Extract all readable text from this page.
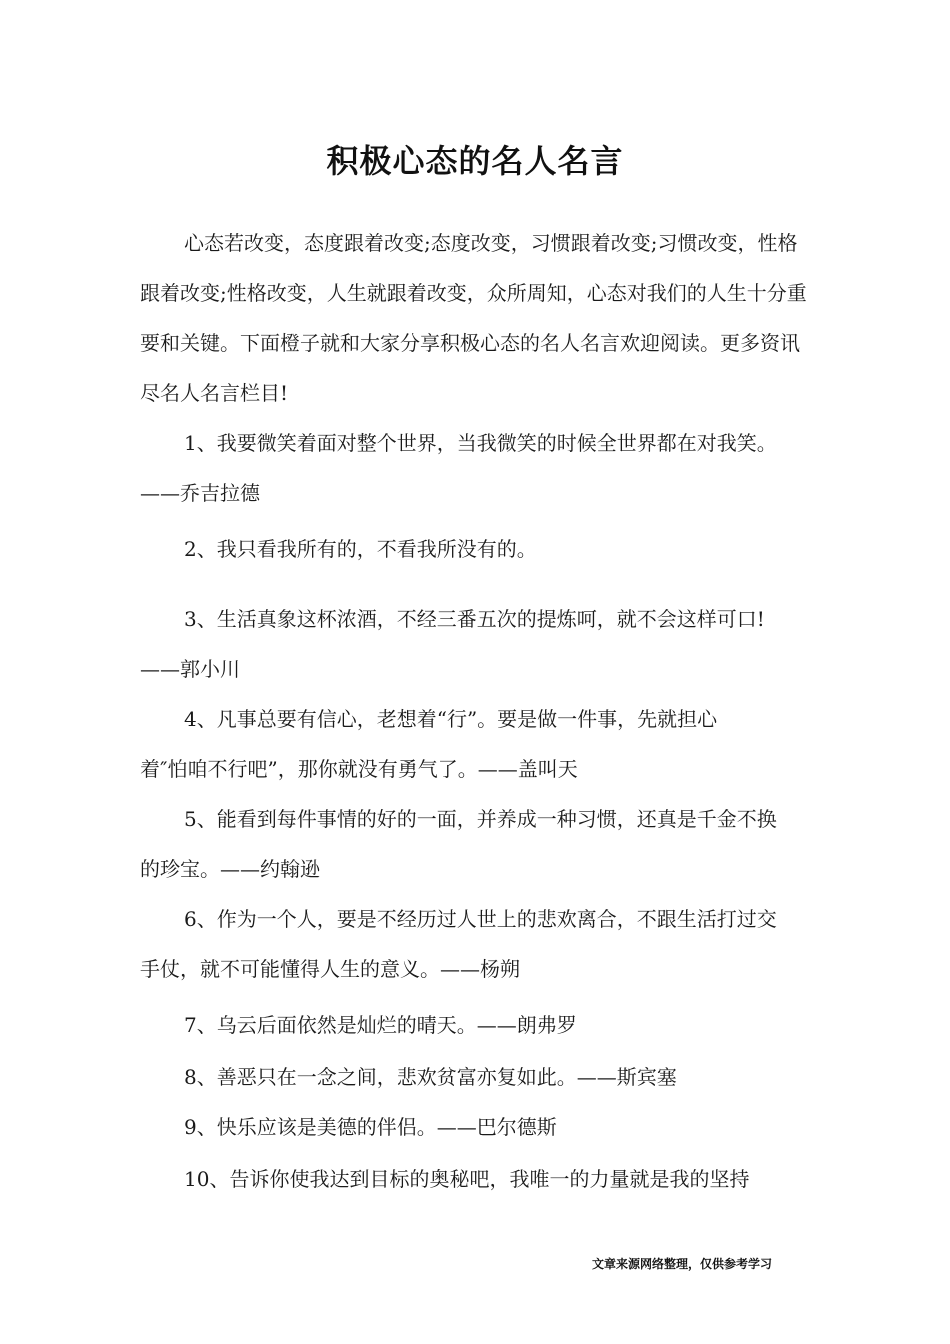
积极心态的名人名言
心态若改变，态度跟着改变;态度改变，习惯跟着改变;习惯改变，性格跟着改变;性格改变，人生就跟着改变，众所周知，心态对我们的人生十分重要和关键。下面橙子就和大家分享积极心态的名人名言欢迎阅读。更多资讯尽名人名言栏目!
1、我要微笑着面对整个世界，当我微笑的时候全世界都在对我笑。
——乔吉拉德
2、我只看我所有的，不看我所没有的。
3、生活真象这杯浓酒，不经三番五次的提炼呵，就不会这样可口!
——郭小川
4、凡事总要有信心，老想着“行”。要是做一件事，先就担心
着″怕咱不行吧”，那你就没有勇气了。——盖叫天
5、能看到每件事情的好的一面，并养成一种习惯，还真是千金不换
的珍宝。——约翰逊
6、作为一个人，要是不经历过人世上的悲欢离合，不跟生活打过交
手仗，就不可能懂得人生的意义。——杨朔
7、乌云后面依然是灿烂的晴天。——朗弗罗
8、善恶只在一念之间，悲欢贫富亦复如此。——斯宾塞
9、快乐应该是美德的伴侣。——巴尔德斯
10、告诉你使我达到目标的奥秘吧，我唯一的力量就是我的坚持
文章来源网络整理，仅供参考学习
